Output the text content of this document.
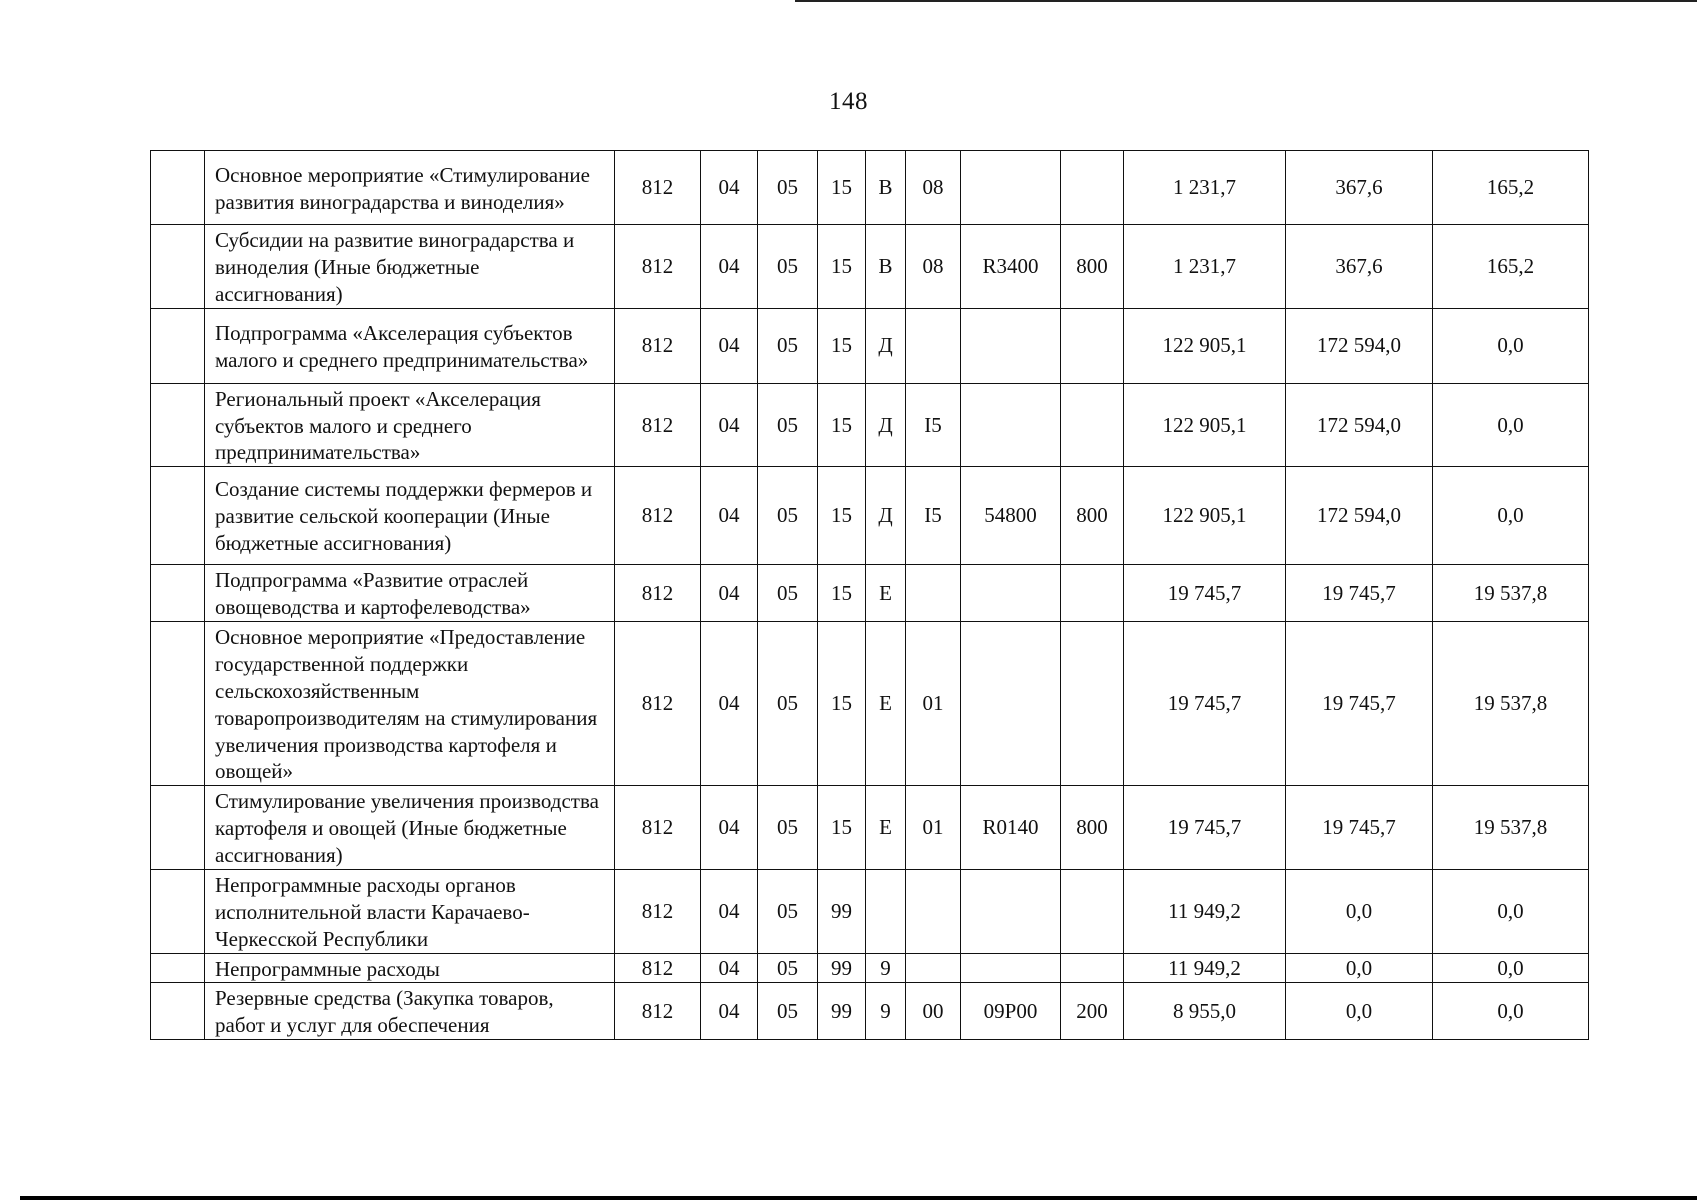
148
	Основное мероприятие «Стимулирование развития виноградарства и виноделия»	812	04	05	15	В	08			1 231,7	367,6	165,2
	Субсидии на развитие виноградарства и виноделия (Иные бюджетные ассигнования)	812	04	05	15	В	08	R3400	800	1 231,7	367,6	165,2
	Подпрограмма «Акселерация субъектов малого и среднего предпринимательства»	812	04	05	15	Д				122 905,1	172 594,0	0,0
	Региональный проект «Акселерация субъектов малого и среднего предпринимательства»	812	04	05	15	Д	I5			122 905,1	172 594,0	0,0
	Создание системы поддержки фермеров и развитие сельской кооперации (Иные бюджетные ассигнования)	812	04	05	15	Д	I5	54800	800	122 905,1	172 594,0	0,0
	Подпрограмма «Развитие отраслей овощеводства и картофелеводства»	812	04	05	15	Е				19 745,7	19 745,7	19 537,8
	Основное мероприятие «Предоставление государственной поддержки сельскохозяйственным товаропроизводителям на стимулирования увеличения производства картофеля и овощей»	812	04	05	15	Е	01			19 745,7	19 745,7	19 537,8
	Стимулирование увеличения производства картофеля и овощей (Иные бюджетные ассигнования)	812	04	05	15	Е	01	R0140	800	19 745,7	19 745,7	19 537,8
	Непрограммные расходы органов исполнительной власти Карачаево-Черкесской Республики	812	04	05	99					11 949,2	0,0	0,0
	Непрограммные расходы	812	04	05	99	9				11 949,2	0,0	0,0
	Резервные средства (Закупка товаров, работ и услуг для обеспечения	812	04	05	99	9	00	09Р00	200	8 955,0	0,0	0,0
